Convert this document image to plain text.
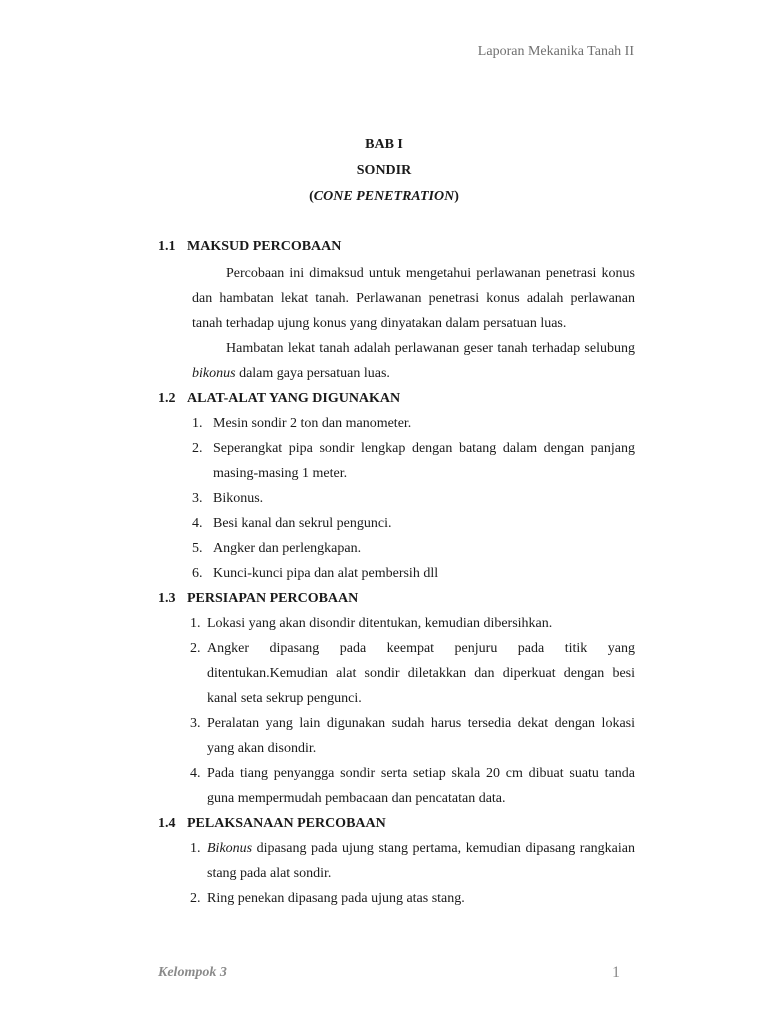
Laporan Mekanika Tanah II
BAB I
SONDIR
(CONE PENETRATION)
1.1 MAKSUD PERCOBAAN
Percobaan ini dimaksud untuk mengetahui perlawanan penetrasi konus dan hambatan lekat tanah. Perlawanan penetrasi konus adalah perlawanan tanah terhadap ujung konus yang dinyatakan dalam persatuan luas.
Hambatan lekat tanah adalah perlawanan geser tanah terhadap selubung bikonus dalam gaya persatuan luas.
1.2 ALAT-ALAT YANG DIGUNAKAN
1. Mesin sondir 2 ton dan manometer.
2. Seperangkat pipa sondir lengkap dengan batang dalam dengan panjang masing-masing 1 meter.
3. Bikonus.
4. Besi kanal dan sekrul pengunci.
5. Angker dan perlengkapan.
6. Kunci-kunci pipa dan alat pembersih dll
1.3 PERSIAPAN PERCOBAAN
1. Lokasi yang akan disondir ditentukan, kemudian dibersihkan.
2. Angker dipasang pada keempat penjuru pada titik yang ditentukan.Kemudian alat sondir diletakkan dan diperkuat dengan besi kanal seta sekrup pengunci.
3. Peralatan yang lain digunakan sudah harus tersedia dekat dengan lokasi yang akan disondir.
4. Pada tiang penyangga sondir serta setiap skala 20 cm dibuat suatu tanda guna mempermudah pembacaan dan pencatatan data.
1.4 PELAKSANAAN PERCOBAAN
1. Bikonus dipasang pada ujung stang pertama, kemudian dipasang rangkaian stang pada alat sondir.
2. Ring penekan dipasang pada ujung atas stang.
Kelompok 3	1
